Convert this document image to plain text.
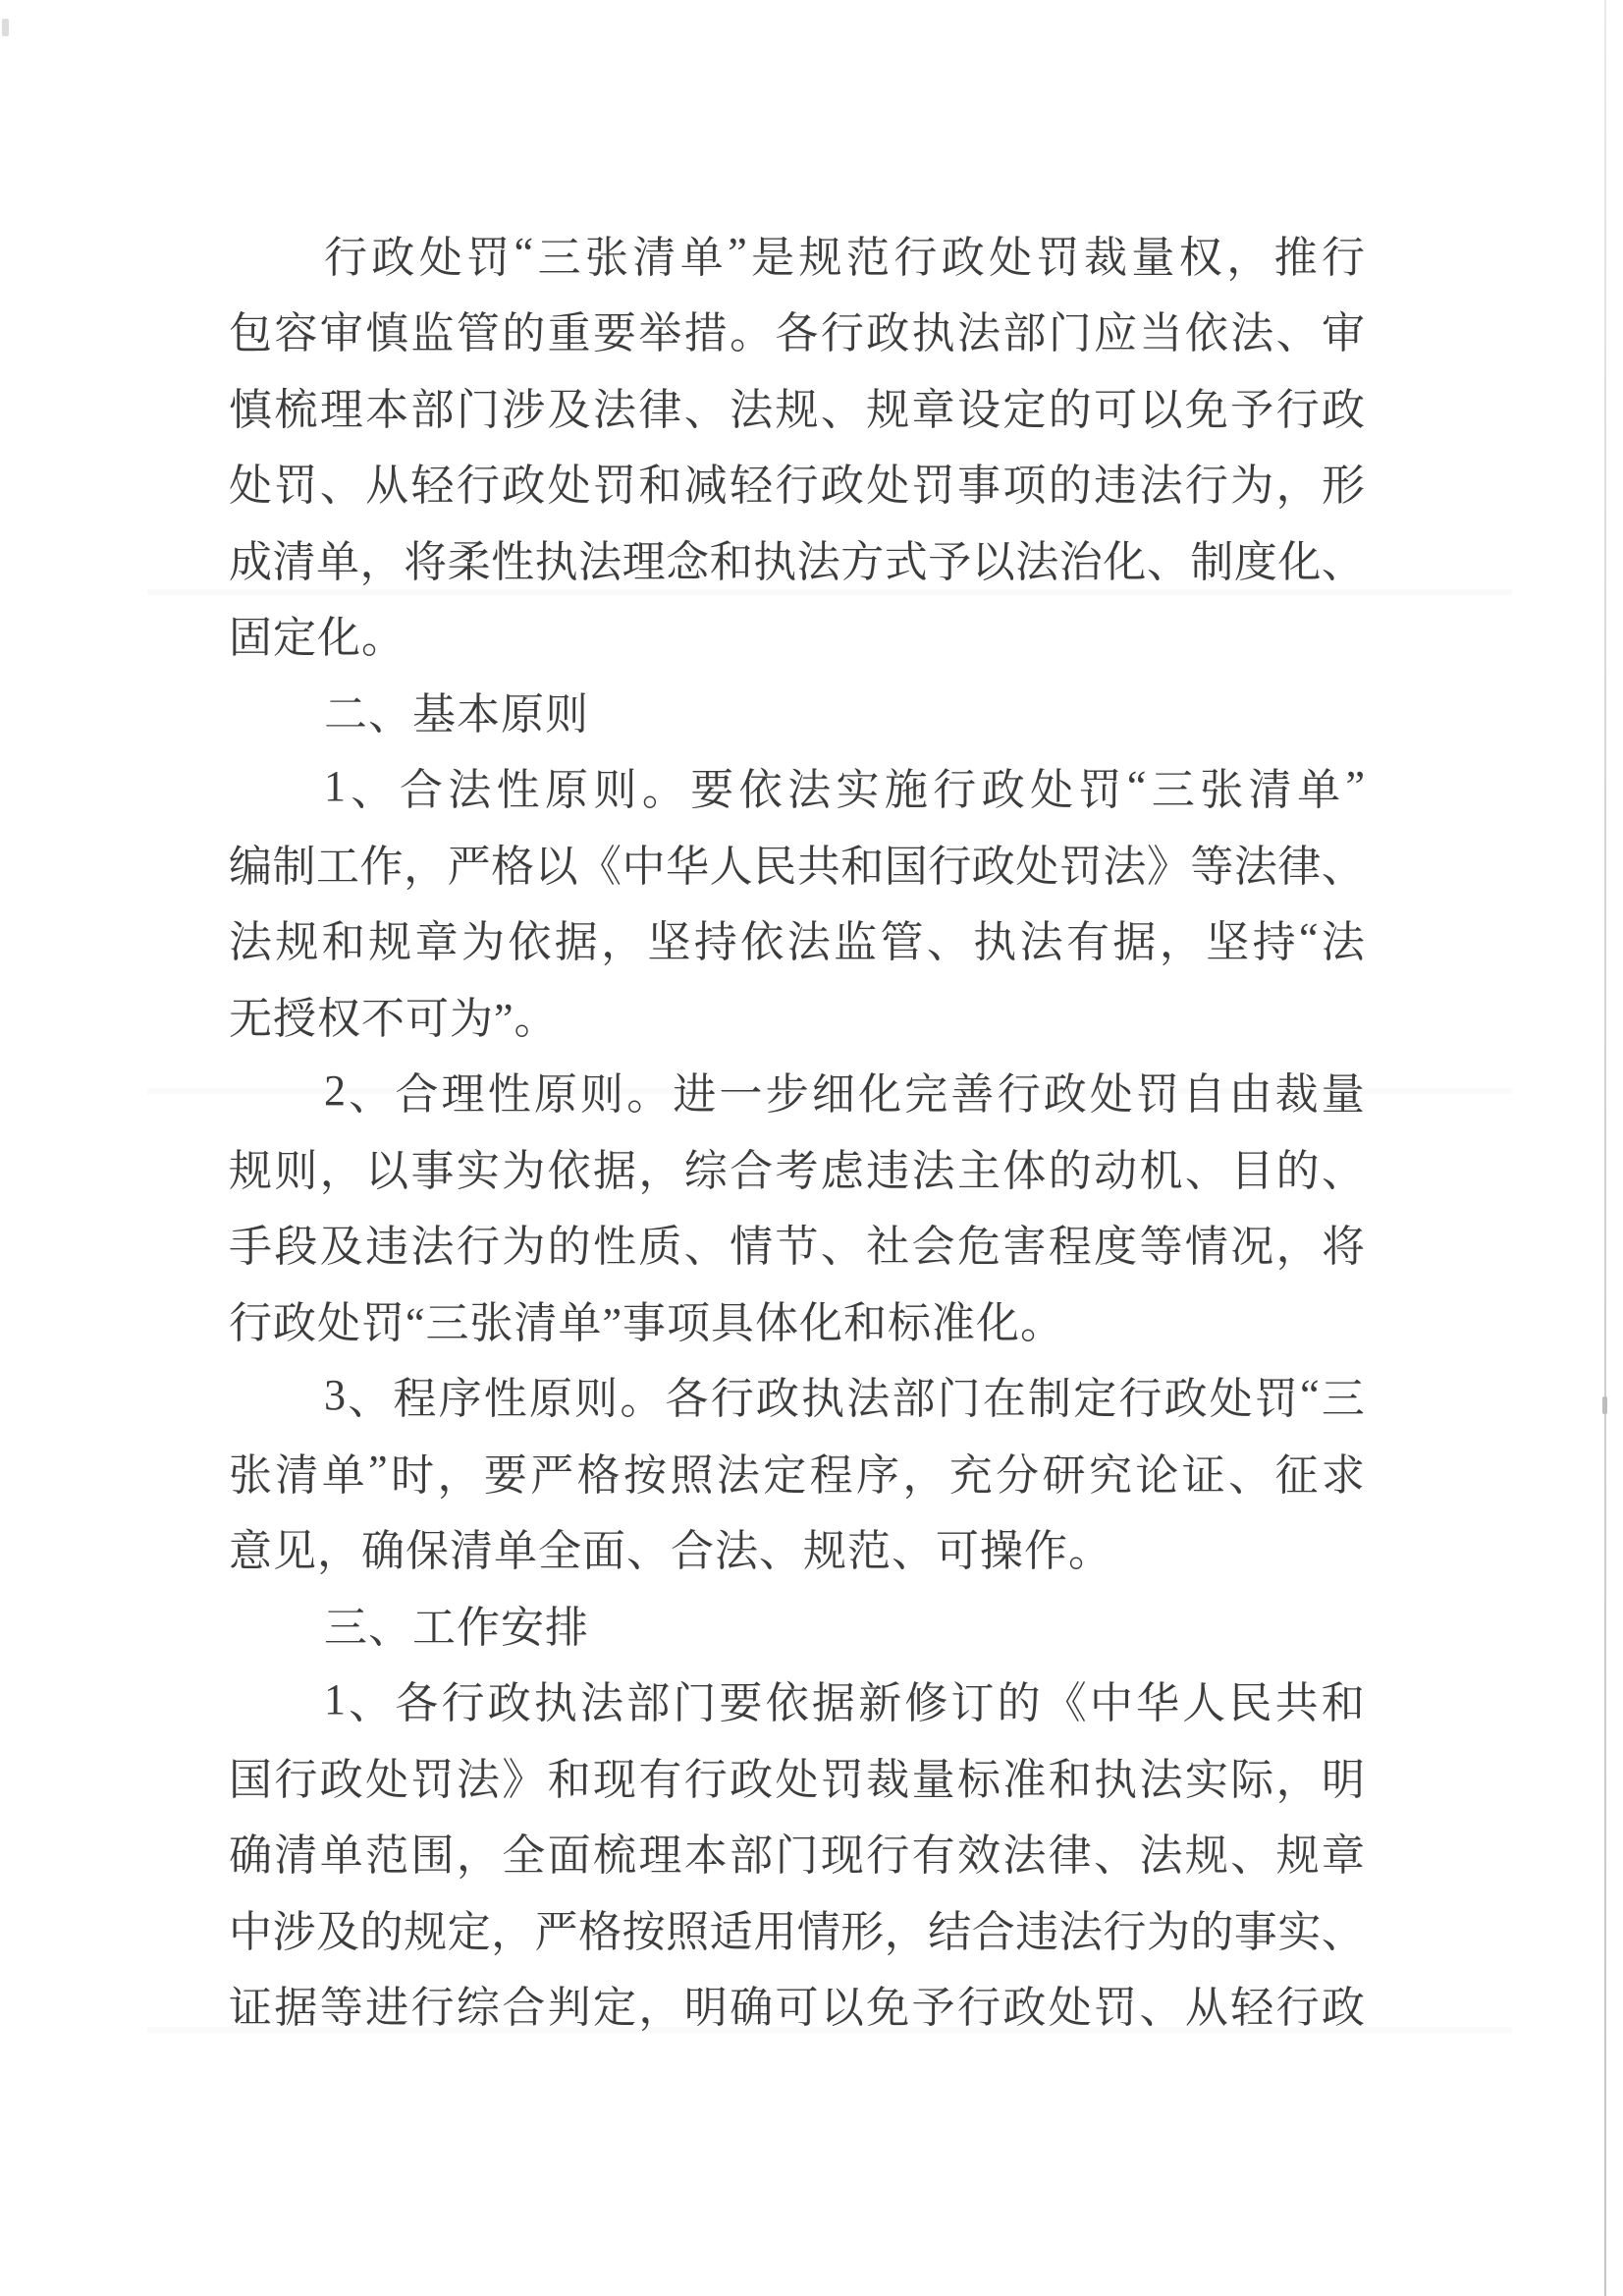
行 政 处 罚 “ 三 张 清 单 ” 是 规 范 行 政 处 罚 裁 量 权 ， 推 行
包 容 审 慎 监 管 的 重 要 举 措 。 各 行 政 执 法 部 门 应 当 依 法 、 审
慎 梳 理 本 部 门 涉 及 法 律 、 法 规 、 规 章 设 定 的 可 以 免 予 行 政
处 罚 、 从 轻 行 政 处 罚 和 减 轻 行 政 处 罚 事 项 的 违 法 行 为 ， 形
成 清 单 ， 将 柔 性 执 法 理 念 和 执 法 方 式 予 以 法 治 化 、 制 度 化 、
固定化。
二、基本原则
1 、 合 法 性 原 则 。 要 依 法 实 施 行 政 处 罚 “ 三 张 清 单 ”
编 制 工 作 ， 严 格 以 《 中 华 人 民 共 和 国 行 政 处 罚 法 》 等 法 律 、
法 规 和 规 章 为 依 据 ， 坚 持 依 法 监 管 、 执 法 有 据 ， 坚 持 “ 法
无授权不可为”。
2 、 合 理 性 原 则 。 进 一 步 细 化 完 善 行 政 处 罚 自 由 裁 量
规 则 ， 以 事 实 为 依 据 ， 综 合 考 虑 违 法 主 体 的 动 机 、 目 的 、
手 段 及 违 法 行 为 的 性 质 、 情 节 、 社 会 危 害 程 度 等 情 况 ， 将
行政处罚“三张清单”事项具体化和标准化。
3 、 程 序 性 原 则 。 各 行 政 执 法 部 门 在 制 定 行 政 处 罚 “ 三
张 清 单 ” 时 ， 要 严 格 按 照 法 定 程 序 ， 充 分 研 究 论 证 、 征 求
意见，确保清单全面、合法、规范、可操作。
三、工作安排
1 、 各 行 政 执 法 部 门 要 依 据 新 修 订 的 《 中 华 人 民 共 和
国 行 政 处 罚 法 》 和 现 有 行 政 处 罚 裁 量 标 准 和 执 法 实 际 ， 明
确 清 单 范 围 ， 全 面 梳 理 本 部 门 现 行 有 效 法 律 、 法 规 、 规 章
中 涉 及 的 规 定 ， 严 格 按 照 适 用 情 形 ， 结 合 违 法 行 为 的 事 实 、
证 据 等 进 行 综 合 判 定 ， 明 确 可 以 免 予 行 政 处 罚 、 从 轻 行 政
